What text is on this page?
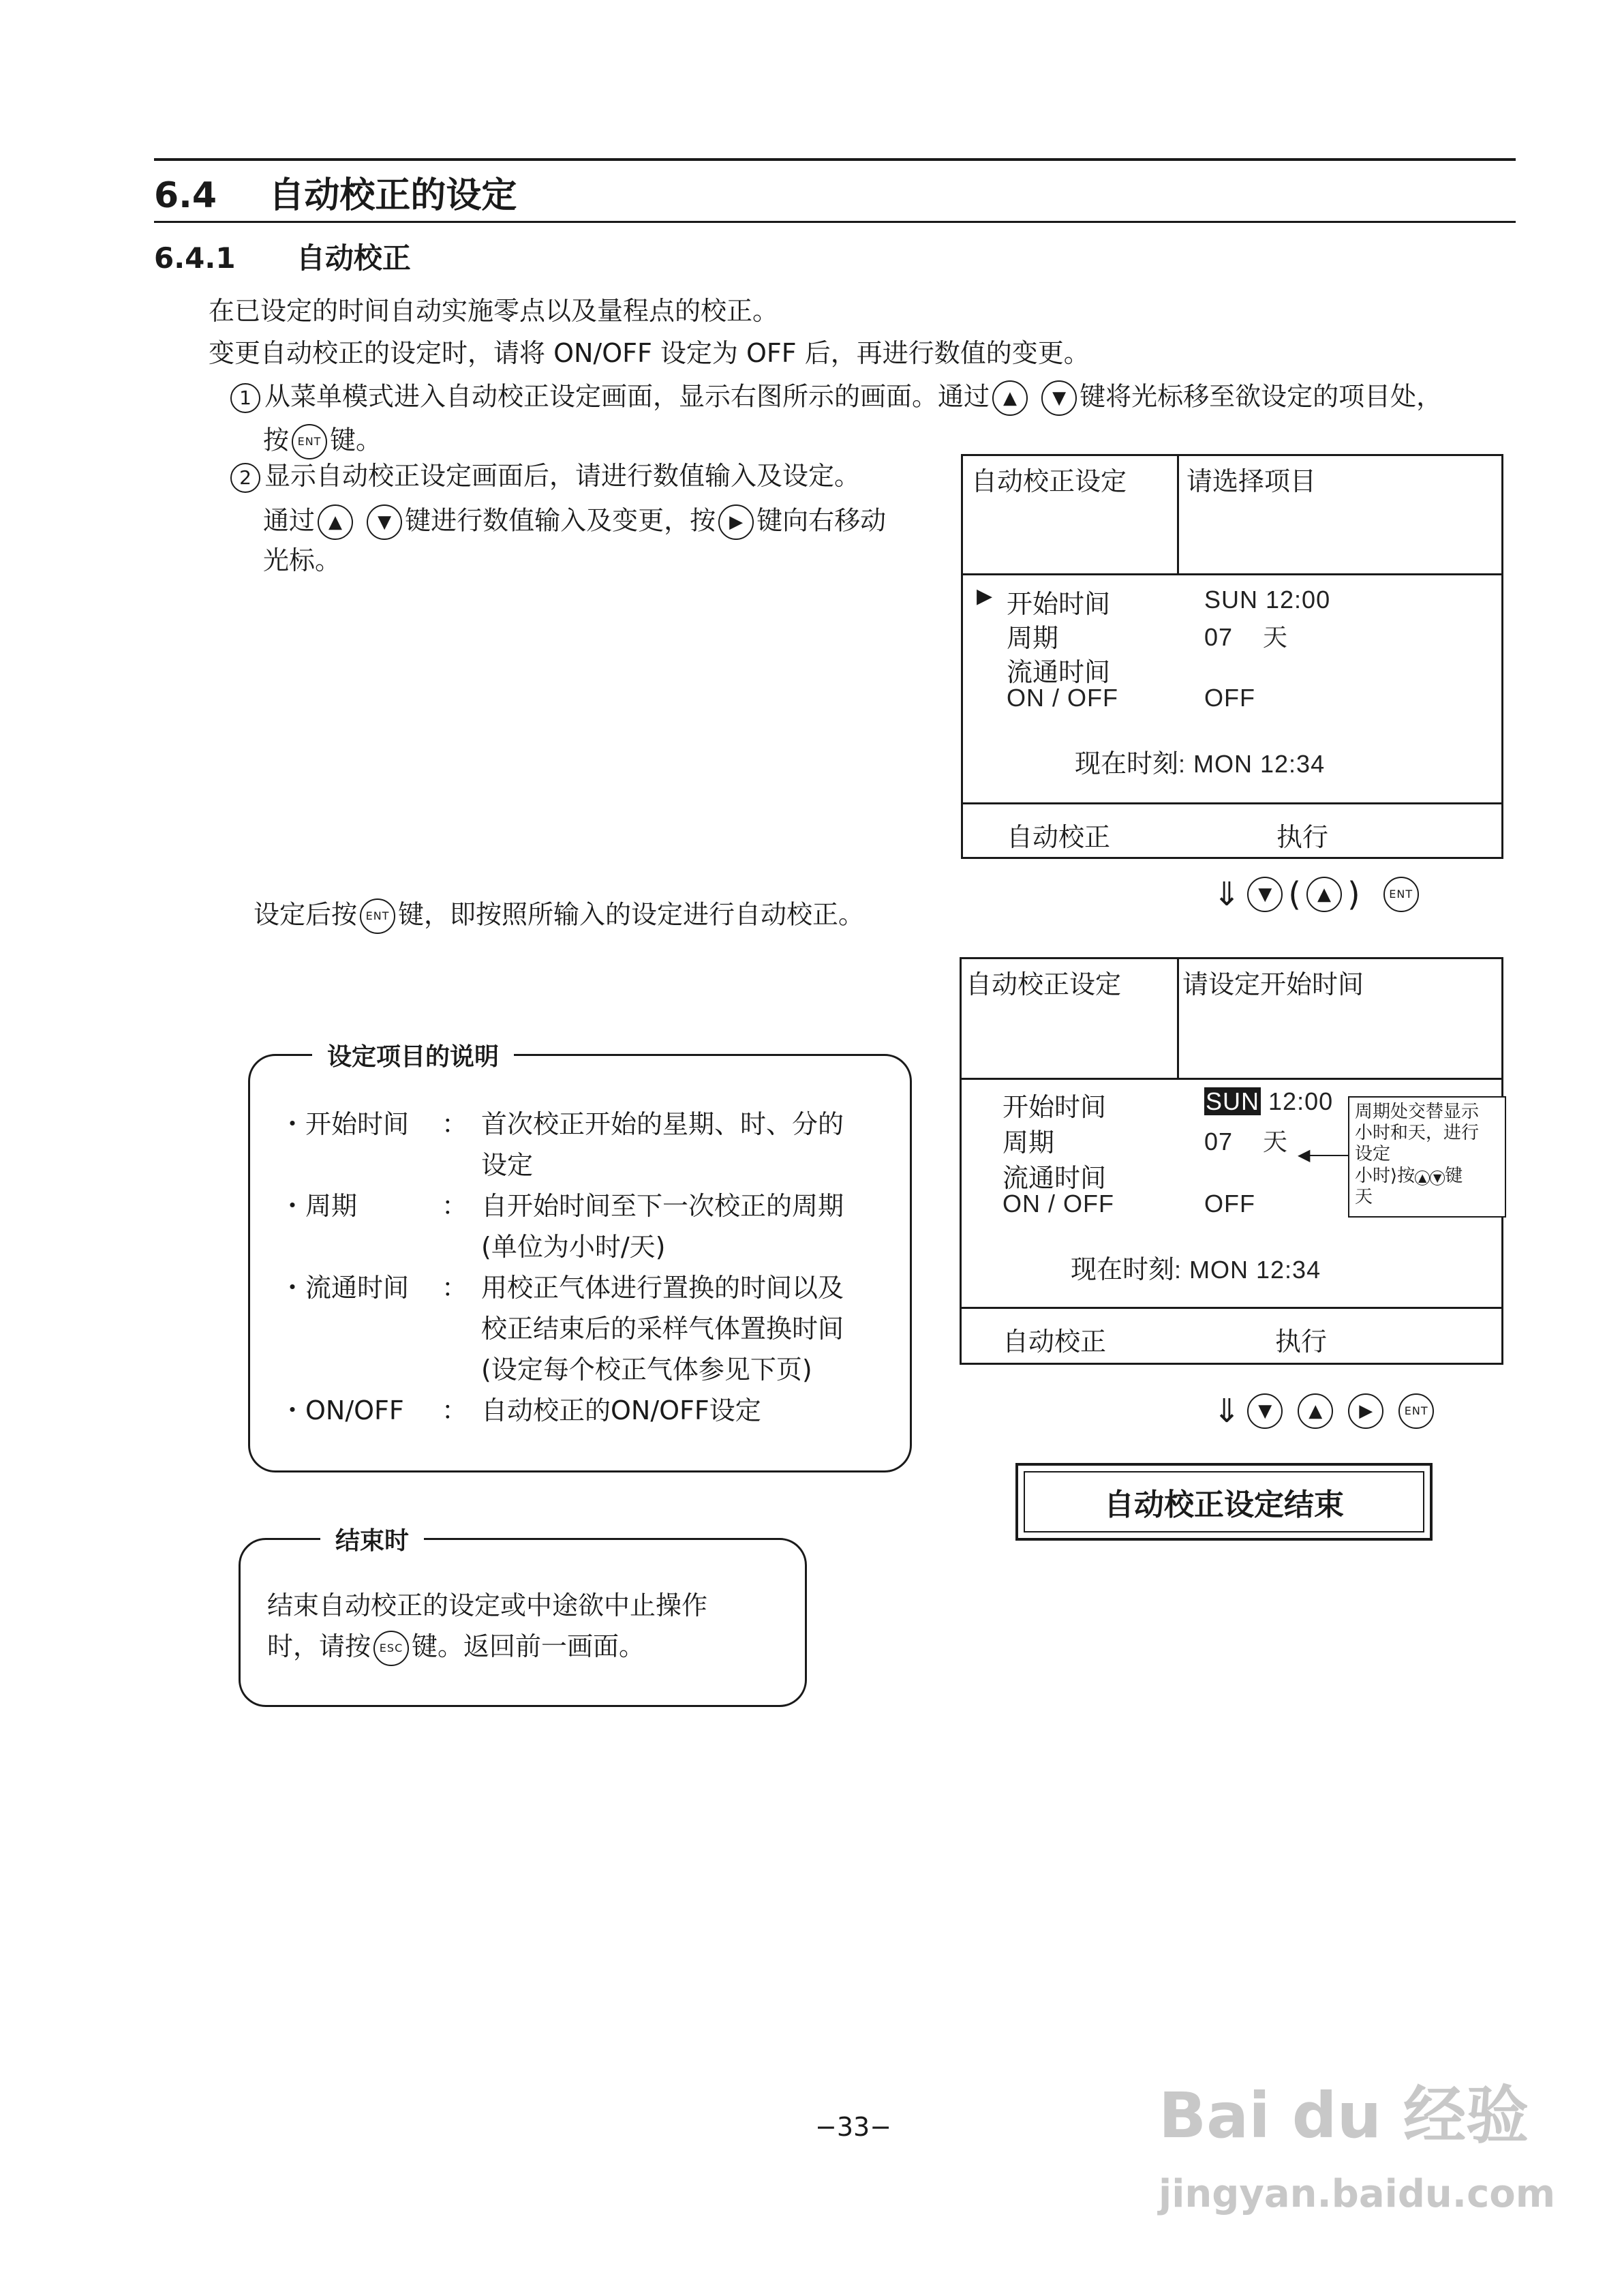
6.4 自动校正的设定
6.4.1 自动校正
在已设定的时间自动实施零点以及量程点的校正。
变更自动校正的设定时，请将 ON/OFF 设定为 OFF 后，再进行数值的变更。
1 从菜单模式进入自动校正设定画面，显示右图所示的画面。通过 ▲ ▼ 键将光标移至欲设定的项目处，
按 ENT 键。
2 显示自动校正设定画面后，请进行数值输入及设定。
通过 ▲ ▼ 键进行数值输入及变更，按 ▶ 键向右移动
光标。
设定后按 ENT 键，即按照所输入的设定进行自动校正。
自动校正设定 请选择项目
▶ 开始时间	SUN 12:00
周期	07    天
流通时间
ON / OFF	OFF
现在时刻: MON 12:34
自动校正	执行
⇓	▼ ( ▲ )	ENT
自动校正设定 请设定开始时间
开始时间	SUN 12:00
周期	07    天
流通时间
ON / OFF	OFF
现在时刻: MON 12:34
自动校正	执行
周期处交替显示
小时和天，进行
设定
小时⟩按 ▲ ▼ 键
天
◀
⇓	▼	▲	▶	ENT
自动校正设定结束
设定项目的说明
・开始时间 ： 首次校正开始的星期、时、分的
设定
・周期	： 自开始时间至下一次校正的周期
(单位为小时/天)
・流通时间 ： 用校正气体进行置换的时间以及
校正结束后的采样气体置换时间
(设定每个校正气体参见下页)
・ON/OFF ： 自动校正的ON/OFF设定
结束时
结束自动校正的设定或中途欲中止操作
时，请按 ESC 键。返回前一画面。
−33−	Bai du 经验
jingyan.baidu.com
